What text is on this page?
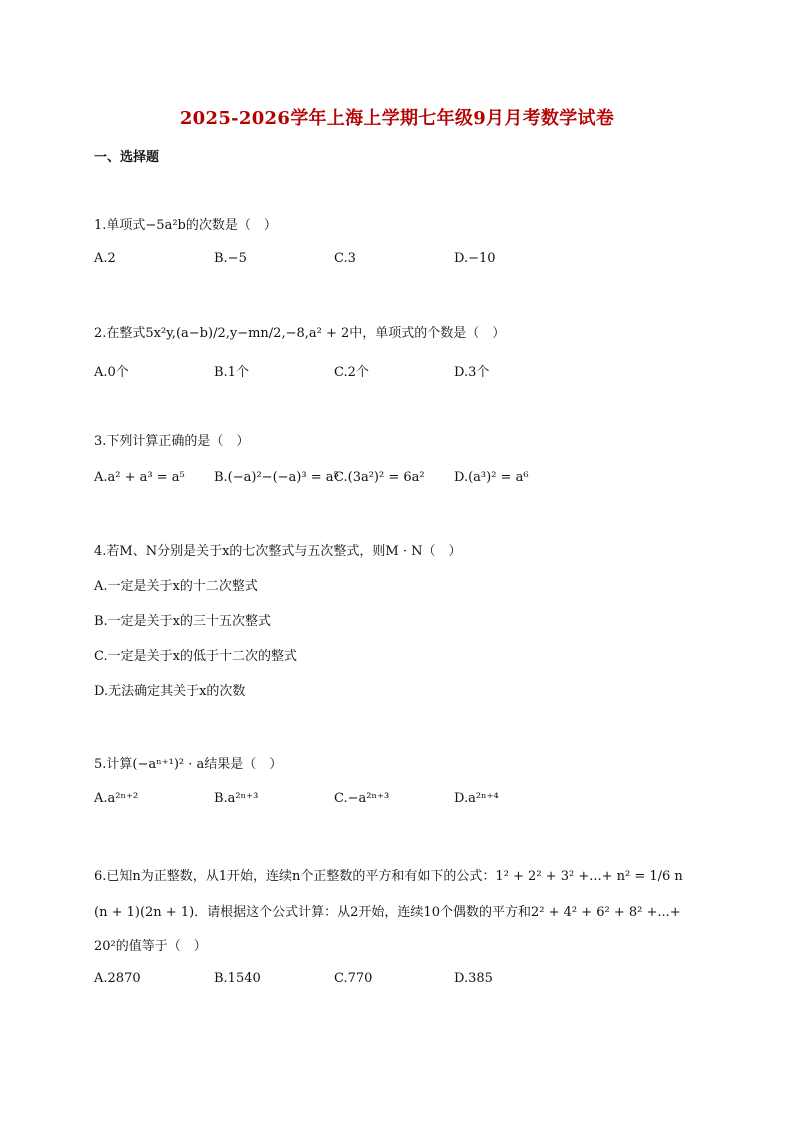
2025-2026学年上海上学期七年级9月月考数学试卷
一、选择题
1.单项式−5a²b的次数是（　）
A.2	B.−5	C.3	D.−10
2.在整式5x²y,(a−b)/2,y−mn/2,−8,a² + 2中，单项式的个数是（　）
A.0个	B.1个	C.2个	D.3个
3.下列计算正确的是（　）
A.a² + a³ = a⁵ B.(−a)²−(−a)³ = a⁵
C.(3a²)² = 6a² D.(a³)² = a⁶
4.若M、N分别是关于x的七次整式与五次整式，则M · N（　）
A.一定是关于x的十二次整式
B.一定是关于x的三十五次整式
C.一定是关于x的低于十二次的整式
D.无法确定其关于x的次数
5.计算(−aⁿ⁺¹)² · a结果是（　）
A.a²ⁿ⁺²	B.a²ⁿ⁺³	C.−a²ⁿ⁺³	D.a²ⁿ⁺⁴
6.已知n为正整数，从1开始，连续n个正整数的平方和有如下的公式：1² + 2² + 3² +...+ n² = 1/6 n
(n + 1)(2n + 1)．请根据这个公式计算：从2开始，连续10个偶数的平方和2² + 4² + 6² + 8² +...+
20²的值等于（　）
A.2870	B.1540	C.770	D.385
